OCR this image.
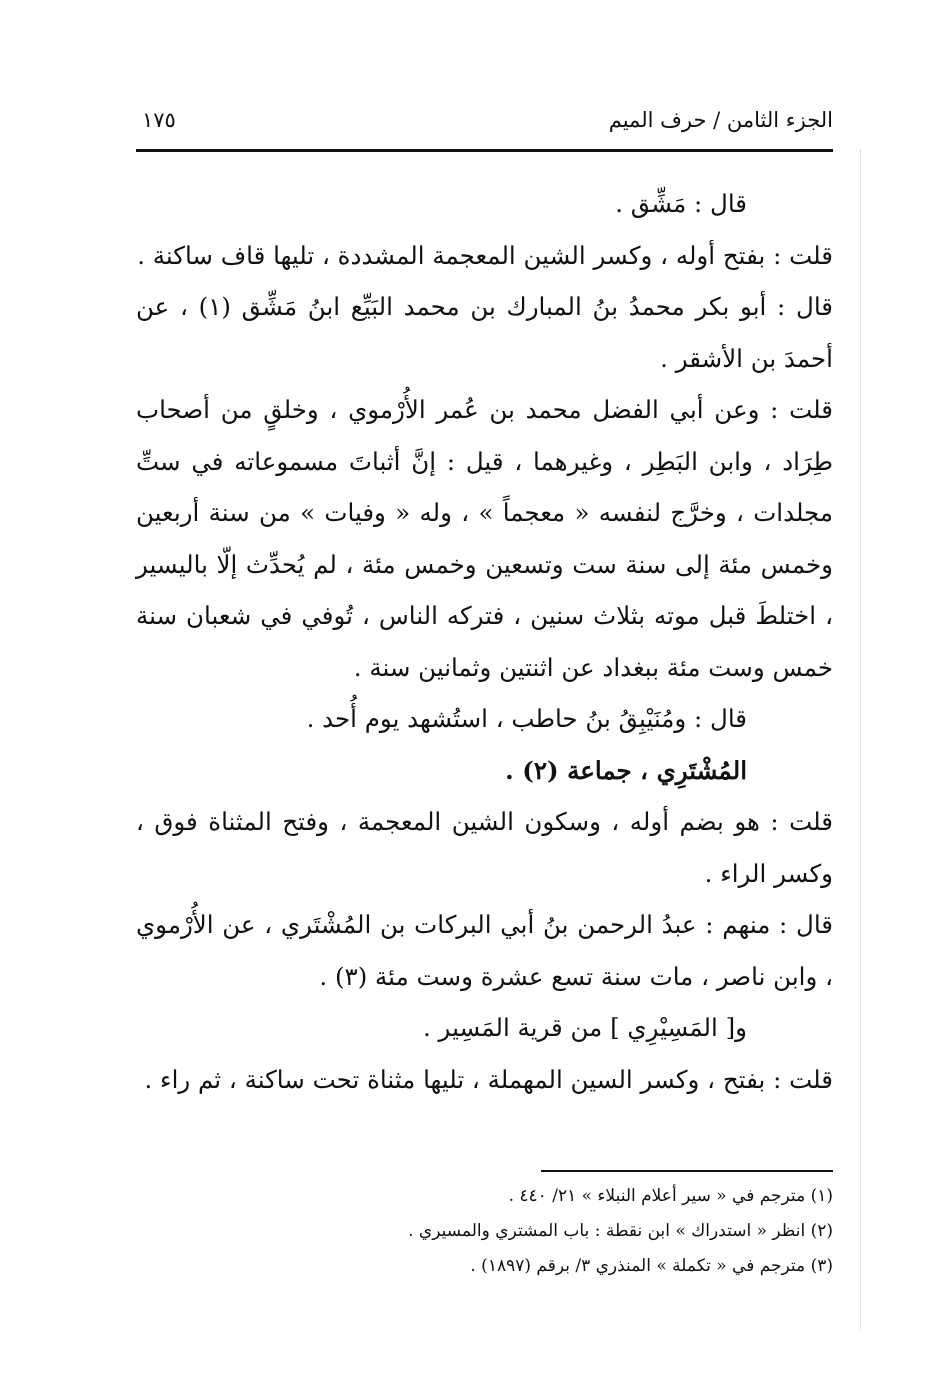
الجزء الثامن / حرف الميم
١٧٥

قال : مَشِّق .

قلت : بفتح أوله ، وكسر الشين المعجمة المشددة ، تليها قاف ساكنة .

قال : أبو بكر محمدُ بنُ المبارك بن محمد البَيِّع ابنُ مَشِّق (١) ، عن أحمدَ بن الأشقر .

قلت : وعن أبي الفضل محمد بن عُمر الأُرْموي ، وخلقٍ من أصحاب طِرَاد ، وابن البَطِر ، وغيرهما ، قيل : إنَّ أثباتَ مسموعاته في ستِّ مجلدات ، وخرَّج لنفسه « معجماً » ، وله « وفيات » من سنة أربعين وخمس مئة إلى سنة ست وتسعين وخمس مئة ، لم يُحدِّث إلّا باليسير ، اختلطَ قبل موته بثلاث سنين ، فتركه الناس ، تُوفي في شعبان سنة خمس وست مئة ببغداد عن اثنتين وثمانين سنة .

قال : ومُنَيْبِقُ بنُ حاطب ، استُشهد يوم أُحد .

المُشْتَرِي ، جماعة (٢) .

قلت : هو بضم أوله ، وسكون الشين المعجمة ، وفتح المثناة فوق ، وكسر الراء .

قال : منهم : عبدُ الرحمن بنُ أبي البركات بن المُشْتَري ، عن الأُرْموي ، وابن ناصر ، مات سنة تسع عشرة وست مئة (٣) .

و[ المَسِيْرِي ] من قرية المَسِير .

قلت : بفتح ، وكسر السين المهملة ، تليها مثناة تحت ساكنة ، ثم راء .

(١) مترجم في « سير أعلام النبلاء » ٢١/ ٤٤٠ .
(٢) انظر « استدراك » ابن نقطة : باب المشتري والمسيري .
(٣) مترجم في « تكملة » المنذري ٣/ برقم (١٨٩٧) .
